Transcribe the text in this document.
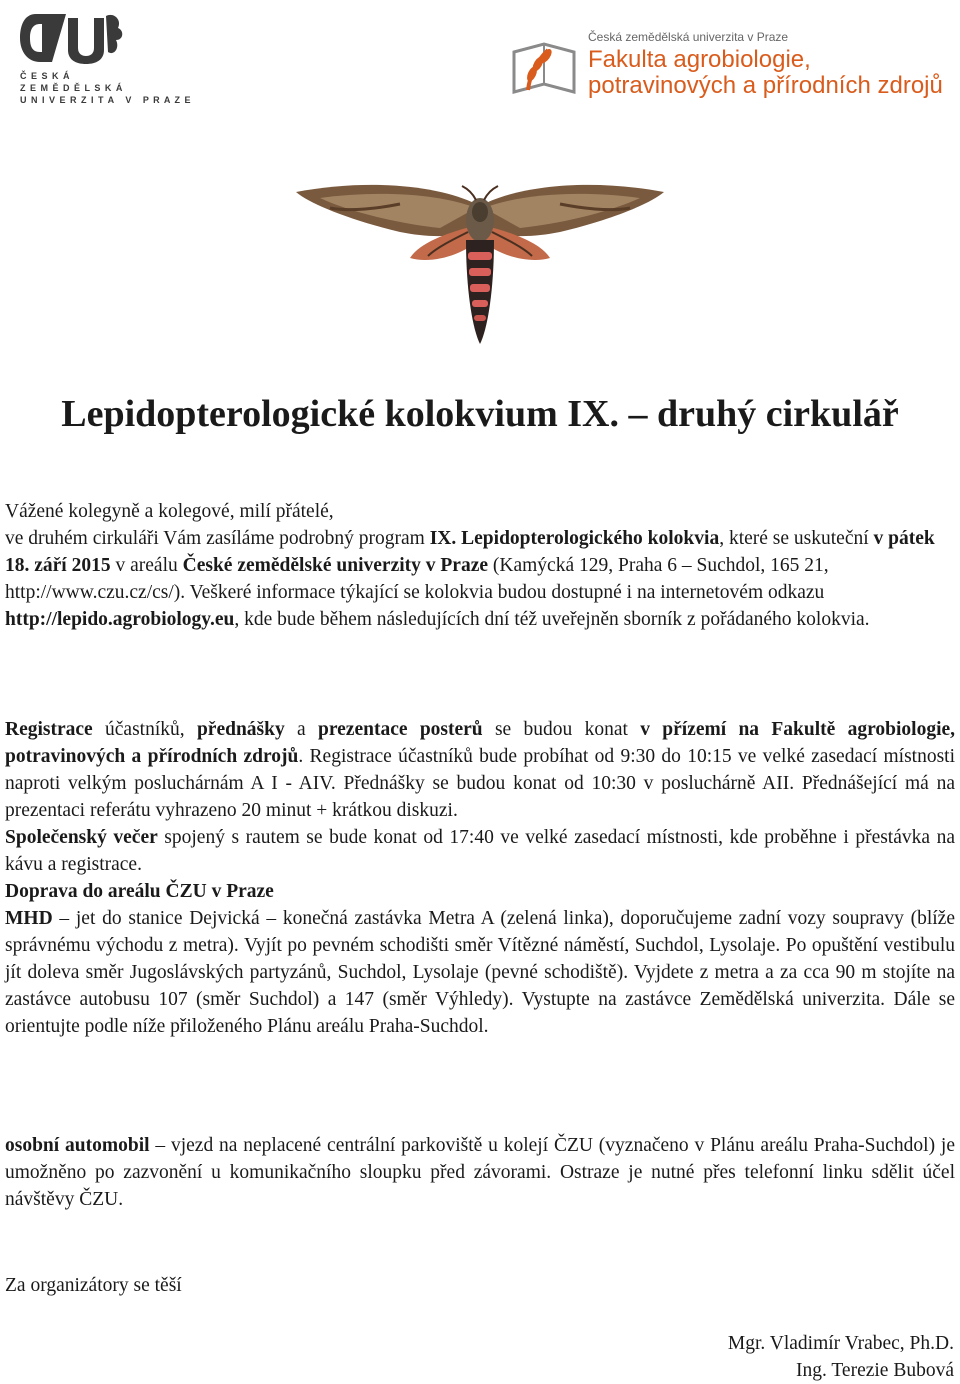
Č E S K Á
Z E M Ě D Ě L S K Á
U N I V E R Z I T A   V   P R A Z E
Česká zemědělská univerzita v Praze
Fakulta agrobiologie,
potravinových a přírodních zdrojů
Lepidopterologické kolokvium IX. – druhý cirkulář

Vážené kolegyně a kolegové, milí přátelé,

ve druhém cirkuláři Vám zasíláme podrobný program IX. Lepidopterologického kolokvia, které se uskuteční v pátek 18. září 2015 v areálu České zemědělské univerzity v Praze (Kamýcká 129, Praha 6 – Suchdol, 165 21, http://www.czu.cz/cs/). Veškeré informace týkající se kolokvia budou dostupné i na internetovém odkazu http://lepido.agrobiology.eu, kde bude během následujících dní též uveřejněn sborník z pořádaného kolokvia.

Registrace účastníků, přednášky a prezentace posterů se budou konat v přízemí na Fakultě agrobiologie, potravinových a přírodních zdrojů. Registrace účastníků bude probíhat od 9:30 do 10:15 ve velké zasedací místnosti naproti velkým posluchárnám A I - AIV. Přednášky se budou konat od 10:30 v posluchárně AII. Přednášející má na prezentaci referátu vyhrazeno 20 minut + krátkou diskuzi.

Společenský večer spojený s rautem se bude konat od 17:40 ve velké zasedací místnosti, kde proběhne i přestávka na kávu a registrace.

Doprava do areálu ČZU v Praze

MHD – jet do stanice Dejvická – konečná zastávka Metra A (zelená linka), doporučujeme zadní vozy soupravy (blíže správnému východu z metra). Vyjít po pevném schodišti směr Vítězné náměstí, Suchdol, Lysolaje. Po opuštění vestibulu jít doleva směr Jugoslávských partyzánů, Suchdol, Lysolaje (pevné schodiště). Vyjdete z metra a za cca 90 m stojíte na zastávce autobusu 107 (směr Suchdol) a 147 (směr Výhledy). Vystupte na zastávce Zemědělská univerzita. Dále se orientujte podle níže přiloženého Plánu areálu Praha-Suchdol.

osobní automobil – vjezd na neplacené centrální parkoviště u kolejí ČZU (vyznačeno v Plánu areálu Praha-Suchdol) je umožněno po zazvonění u komunikačního sloupku před závorami. Ostraze je nutné přes telefonní linku sdělit účel návštěvy ČZU.

Za organizátory se těší
Mgr. Vladimír Vrabec, Ph.D.
Ing. Terezie Bubová
